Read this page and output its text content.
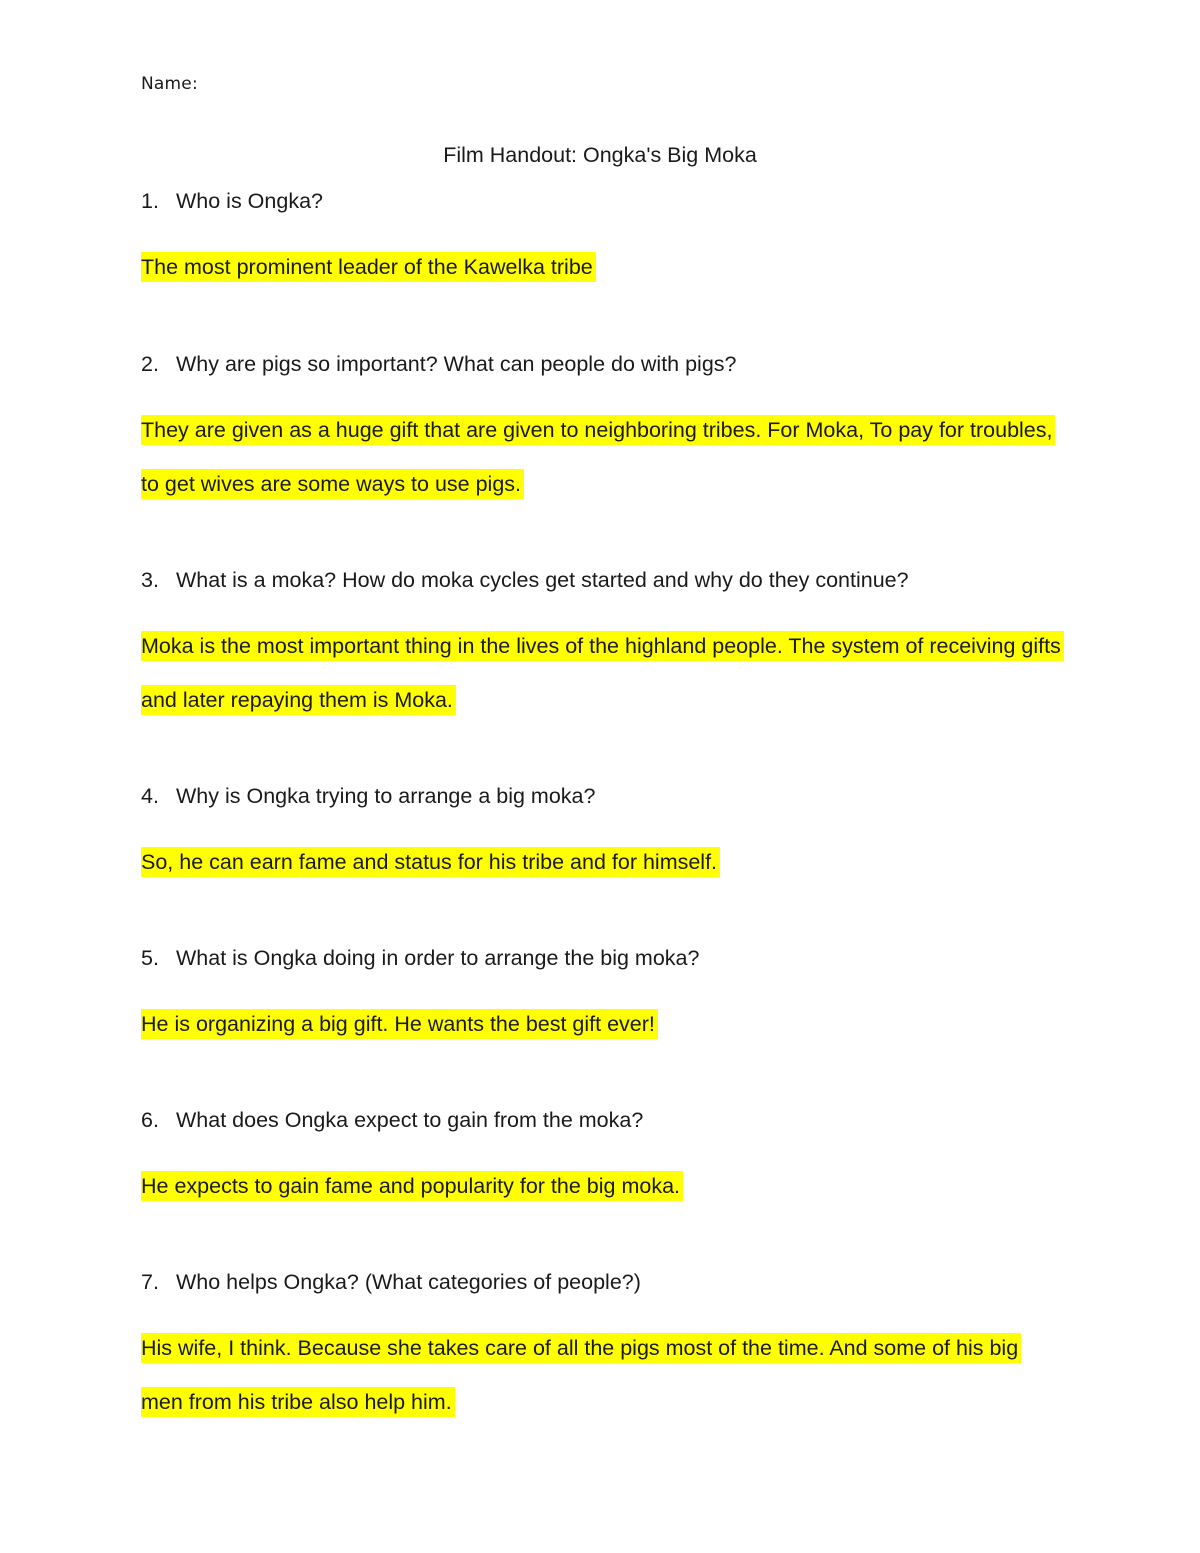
Name:
Film Handout: Ongka's Big Moka
1. Who is Ongka?
The most prominent leader of the Kawelka tribe
2. Why are pigs so important? What can people do with pigs?
They are given as a huge gift that are given to neighboring tribes. For Moka, To pay for troubles, to get wives are some ways to use pigs.
3. What is a moka? How do moka cycles get started and why do they continue?
Moka is the most important thing in the lives of the highland people. The system of receiving gifts and later repaying them is Moka.
4. Why is Ongka trying to arrange a big moka?
So, he can earn fame and status for his tribe and for himself.
5. What is Ongka doing in order to arrange the big moka?
He is organizing a big gift. He wants the best gift ever!
6. What does Ongka expect to gain from the moka?
He expects to gain fame and popularity for the big moka.
7. Who helps Ongka? (What categories of people?)
His wife, I think. Because she takes care of all the pigs most of the time. And some of his big men from his tribe also help him.
